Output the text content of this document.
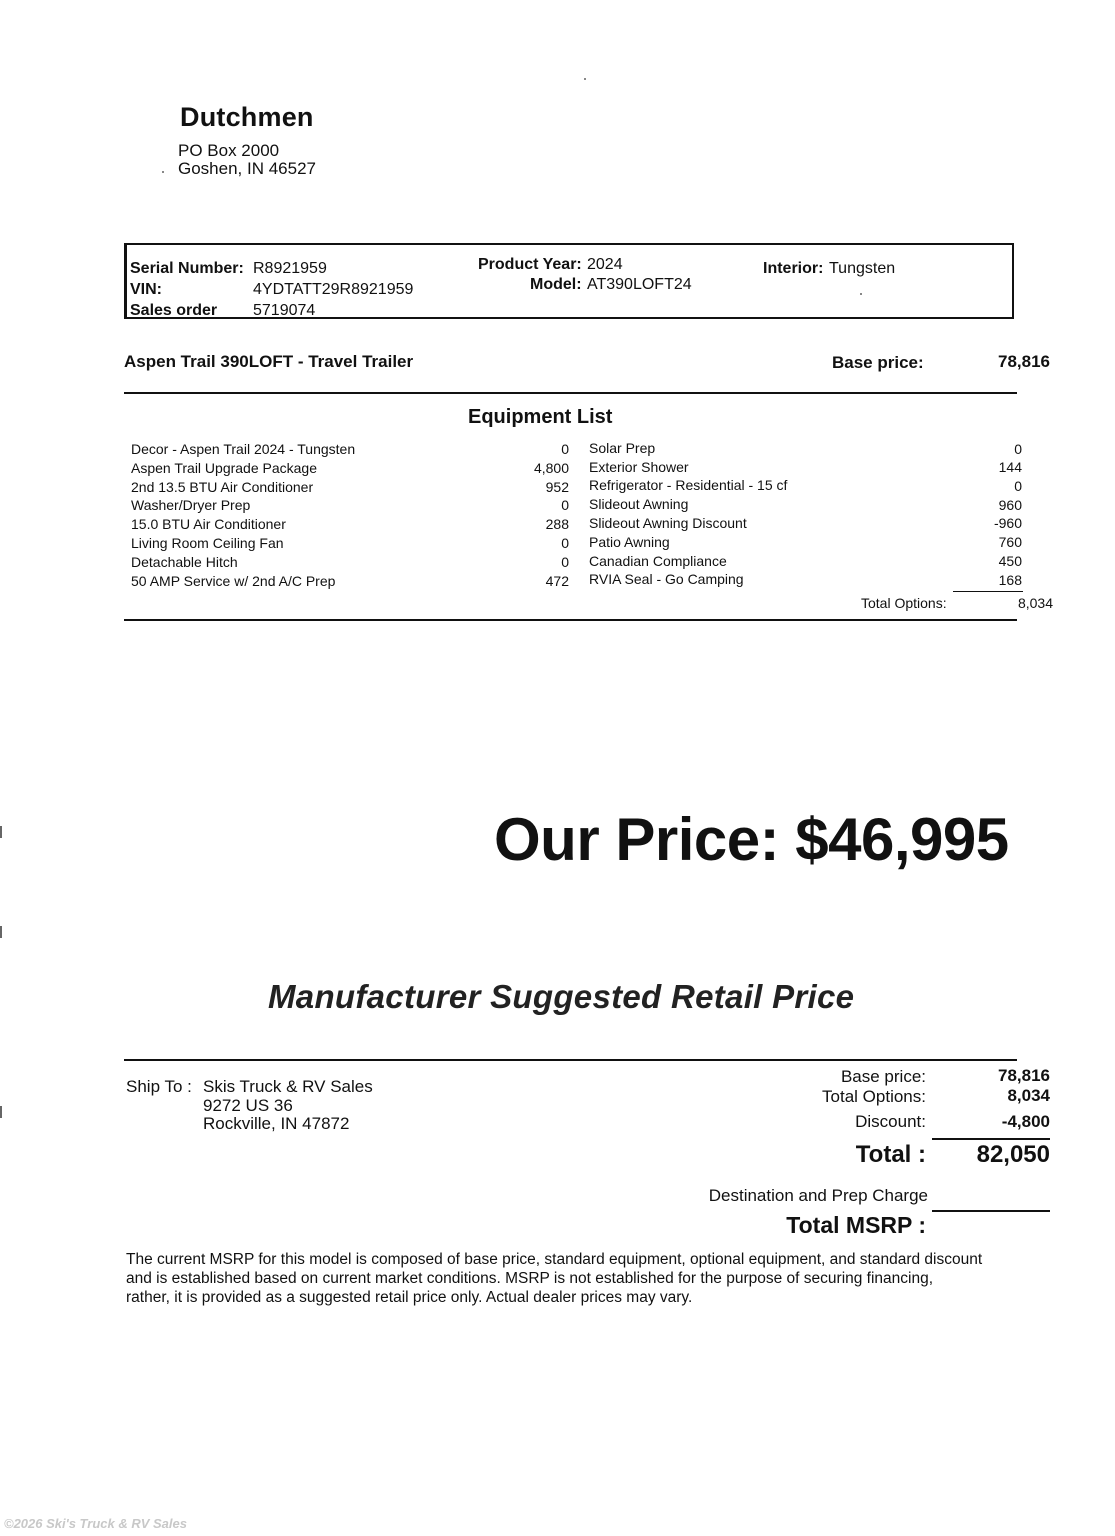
Dutchmen
PO Box 2000
Goshen, IN 46527
Serial Number: R8921959
VIN:	4YDTATT29R8921959
Sales order 5719074
Product Year: 2024
Model: AT390LOFT24
Interior: Tungsten
Aspen Trail 390LOFT - Travel Trailer	Base price:	78,816
Equipment List
Decor - Aspen Trail 2024 - Tungsten	0
Aspen Trail Upgrade Package	4,800
2nd 13.5 BTU Air Conditioner	952
Washer/Dryer Prep	0
15.0 BTU Air Conditioner	288
Living Room Ceiling Fan	0
Detachable Hitch	0
50 AMP Service w/ 2nd A/C Prep	472
Solar Prep	0
Exterior Shower	144
Refrigerator - Residential - 15 cf	0
Slideout Awning	960
Slideout Awning Discount	-960
Patio Awning	760
Canadian Compliance	450
RVIA Seal - Go Camping	168
Total Options:	8,034
Our Price: $46,995
Manufacturer Suggested Retail Price
Ship To : Skis Truck & RV Sales
9272 US 36
Rockville, IN 47872
Base price:	78,816
Total Options:	8,034
Discount:	-4,800
Total :	82,050
Destination and Prep Charge
Total MSRP :
The current MSRP for this model is composed of base price, standard equipment, optional equipment, and standard discount
and is established based on current market conditions. MSRP is not established for the purpose of securing financing,
rather, it is provided as a suggested retail price only. Actual dealer prices may vary.
©2026 Ski's Truck & RV Sales
